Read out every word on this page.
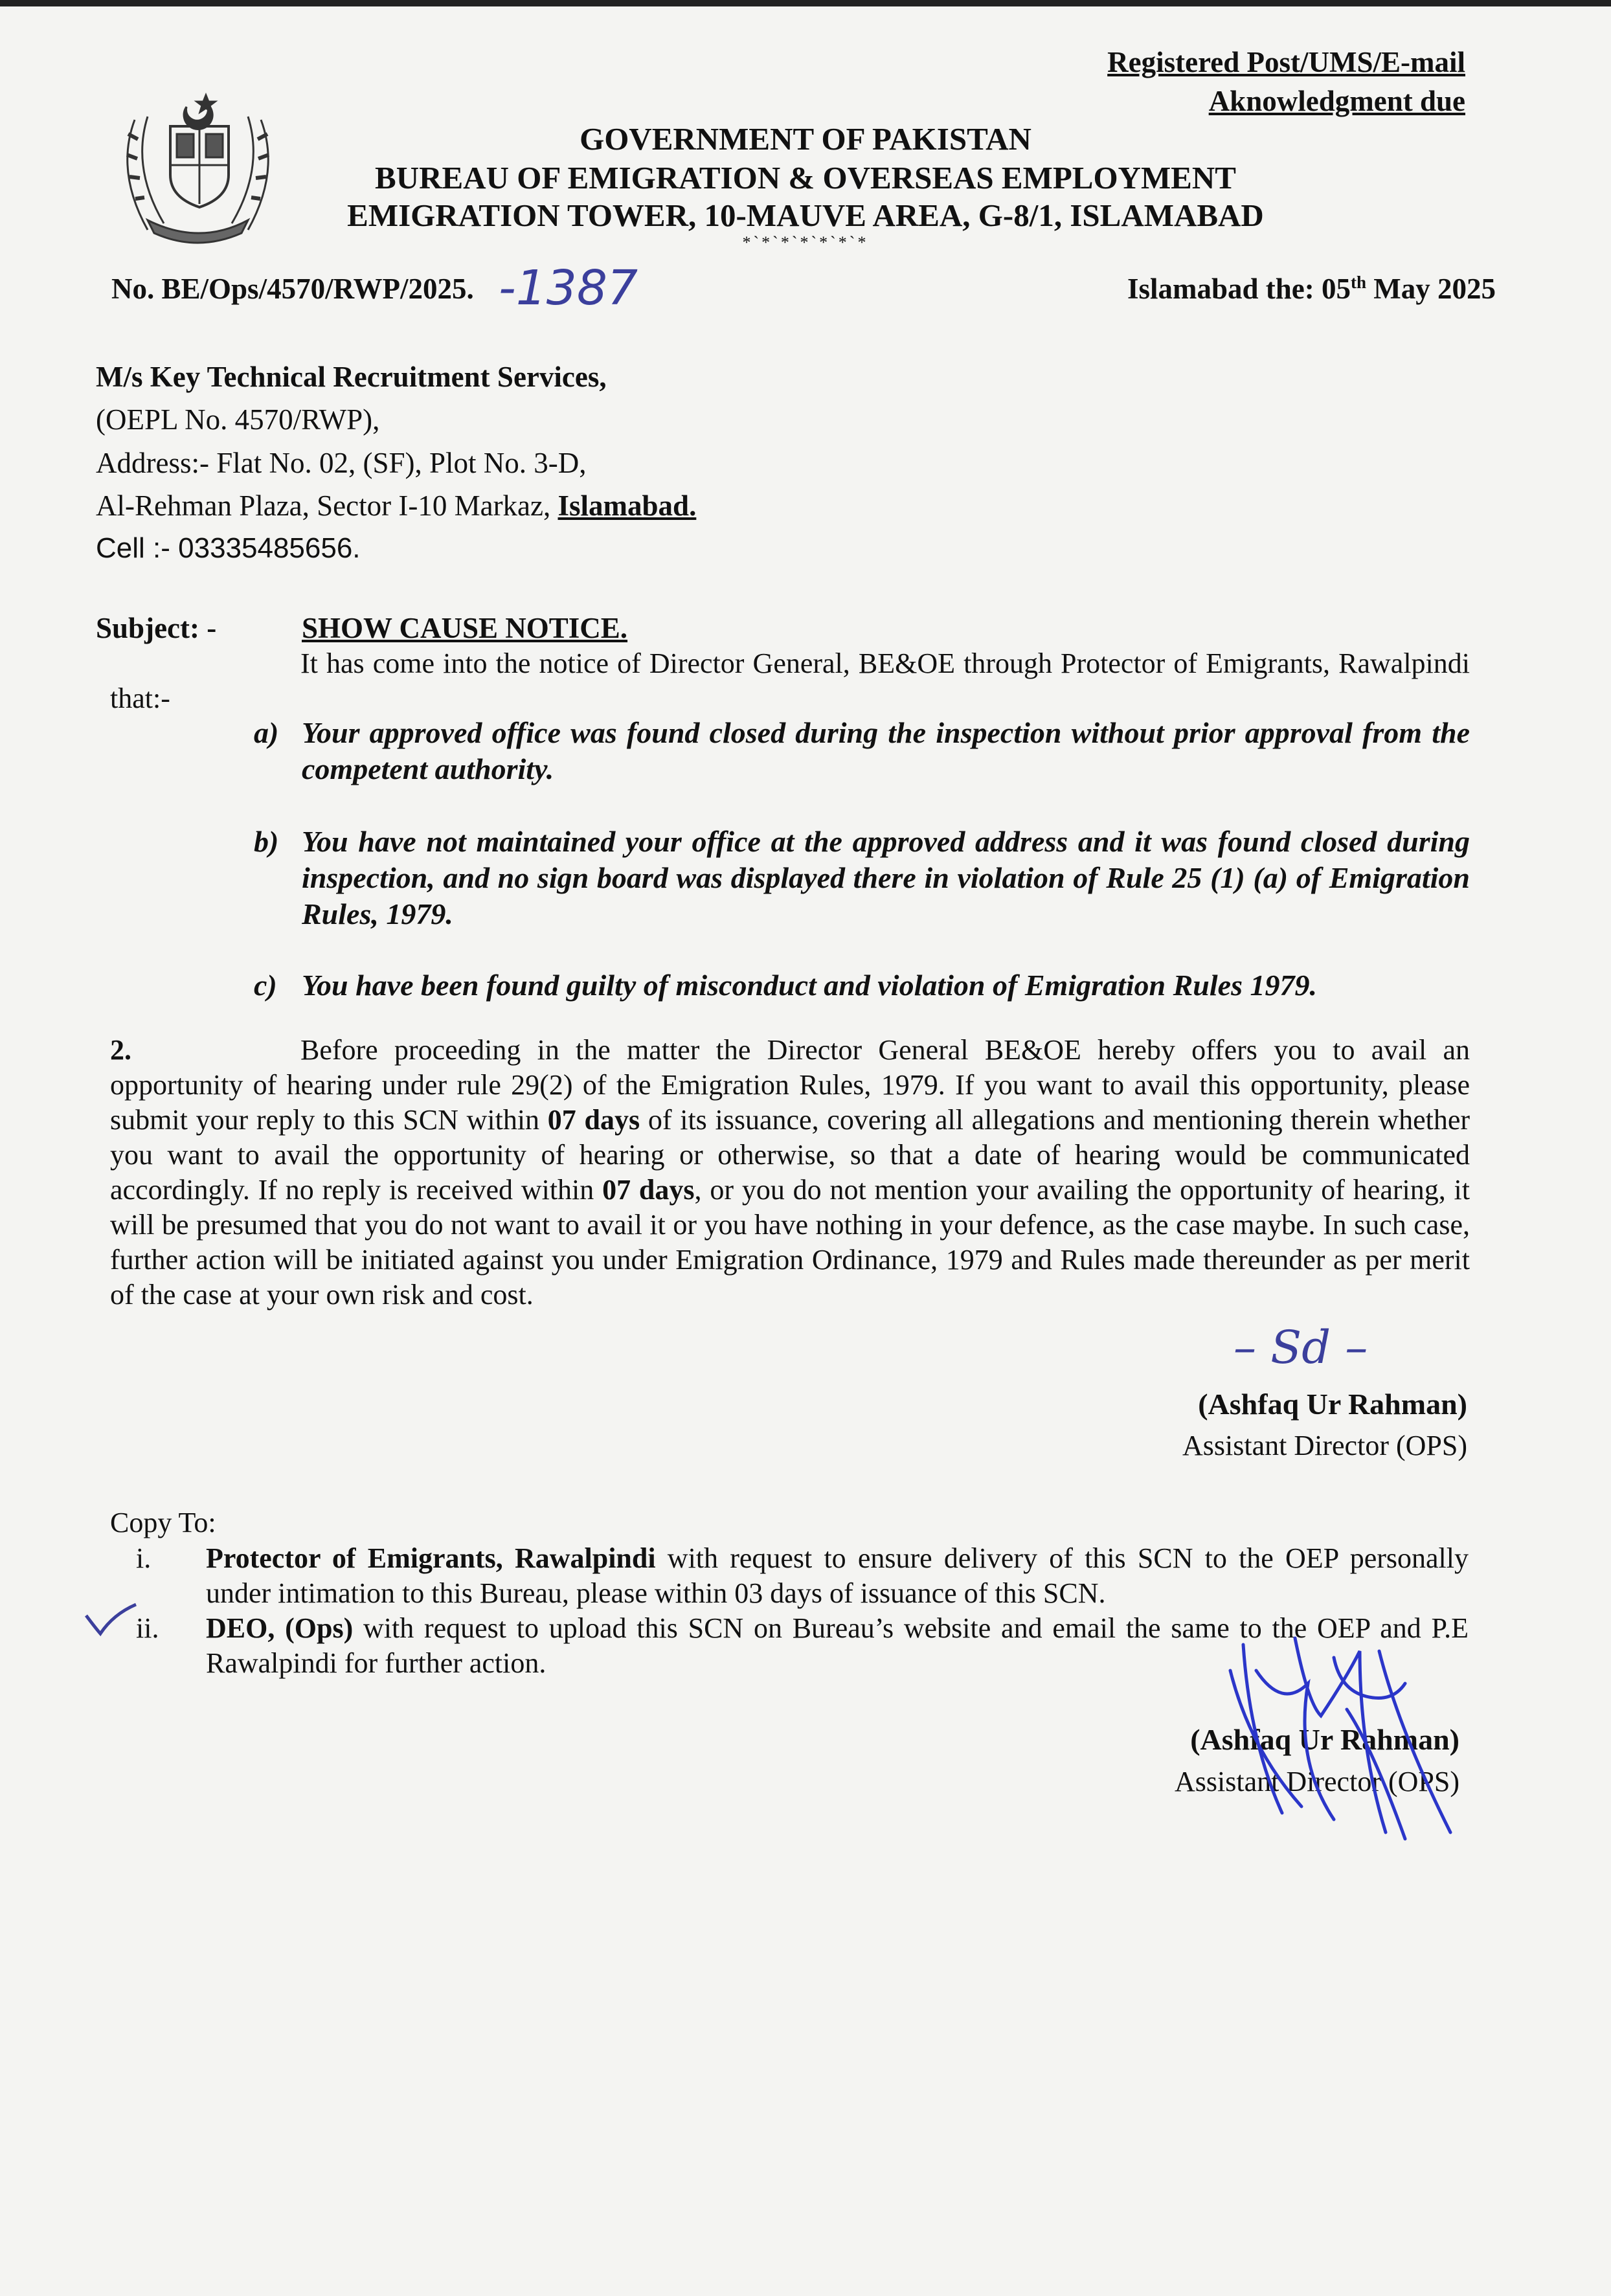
Registered Post/UMS/E-mail
Aknowledgment due
GOVERNMENT OF PAKISTAN
BUREAU OF EMIGRATION & OVERSEAS EMPLOYMENT
EMIGRATION TOWER, 10-MAUVE AREA, G-8/1, ISLAMABAD
*`*`*`*`*`*`*
No. BE/Ops/4570/RWP/2025. -1387	Islamabad the: 05th May 2025
M/s Key Technical Recruitment Services,
(OEPL No. 4570/RWP),
Address:- Flat No. 02, (SF), Plot No. 3-D,
Al-Rehman Plaza, Sector I-10 Markaz, Islamabad.
Cell :- 03335485656.
Subject: -	SHOW CAUSE NOTICE.
It has come into the notice of Director General, BE&OE through Protector of Emigrants, Rawalpindi that:-
a) Your approved office was found closed during the inspection without prior approval from the competent authority.
b) You have not maintained your office at the approved address and it was found closed during inspection, and no sign board was displayed there in violation of Rule 25 (1) (a) of Emigration Rules, 1979.
c) You have been found guilty of misconduct and violation of Emigration Rules 1979.
2.	Before proceeding in the matter the Director General BE&OE hereby offers you to avail an opportunity of hearing under rule 29(2) of the Emigration Rules, 1979. If you want to avail this opportunity, please submit your reply to this SCN within 07 days of its issuance, covering all allegations and mentioning therein whether you want to avail the opportunity of hearing or otherwise, so that a date of hearing would be communicated accordingly. If no reply is received within 07 days, or you do not mention your availing the opportunity of hearing, it will be presumed that you do not want to avail it or you have nothing in your defence, as the case maybe. In such case, further action will be initiated against you under Emigration Ordinance, 1979 and Rules made thereunder as per merit of the case at your own risk and cost.
– Sd –
(Ashfaq Ur Rahman)
Assistant Director (OPS)
Copy To:
i. Protector of Emigrants, Rawalpindi with request to ensure delivery of this SCN to the OEP personally under intimation to this Bureau, please within 03 days of issuance of this SCN.
ii. DEO, (Ops) with request to upload this SCN on Bureau’s website and email the same to the OEP and P.E Rawalpindi for further action.
(Ashfaq Ur Rahman)
Assistant Director (OPS)
